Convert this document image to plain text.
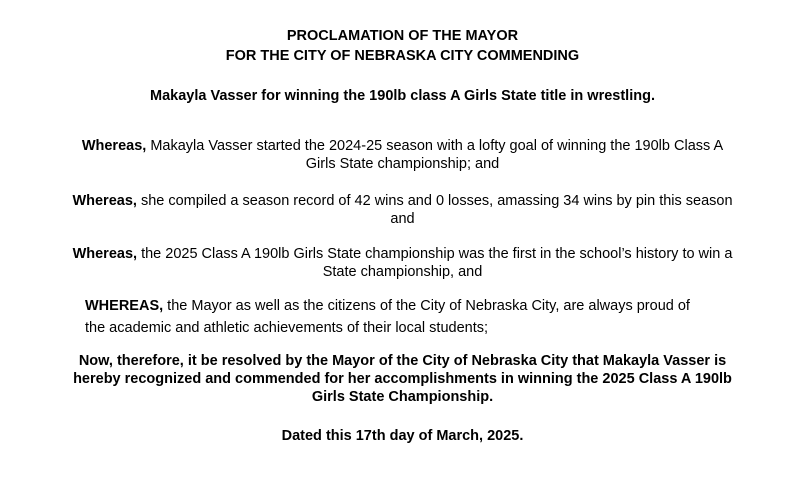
PROCLAMATION OF THE MAYOR
FOR THE CITY OF NEBRASKA CITY COMMENDING
Makayla Vasser for winning the 190lb class A Girls State title in wrestling.
Whereas, Makayla Vasser started the 2024-25 season with a lofty goal of winning the 190lb Class A
Girls State championship; and
Whereas, she compiled a season record of 42 wins and 0 losses, amassing 34 wins by pin this season
and
Whereas, the 2025 Class A 190lb Girls State championship was the first in the school’s history to win a
State championship, and
WHEREAS, the Mayor as well as the citizens of the City of Nebraska City, are always proud of
the academic and athletic achievements of their local students;
Now, therefore, it be resolved by the Mayor of the City of Nebraska City that Makayla Vasser is
hereby recognized and commended for her accomplishments in winning the 2025 Class A 190lb
Girls State Championship.
Dated this 17th day of March, 2025.
